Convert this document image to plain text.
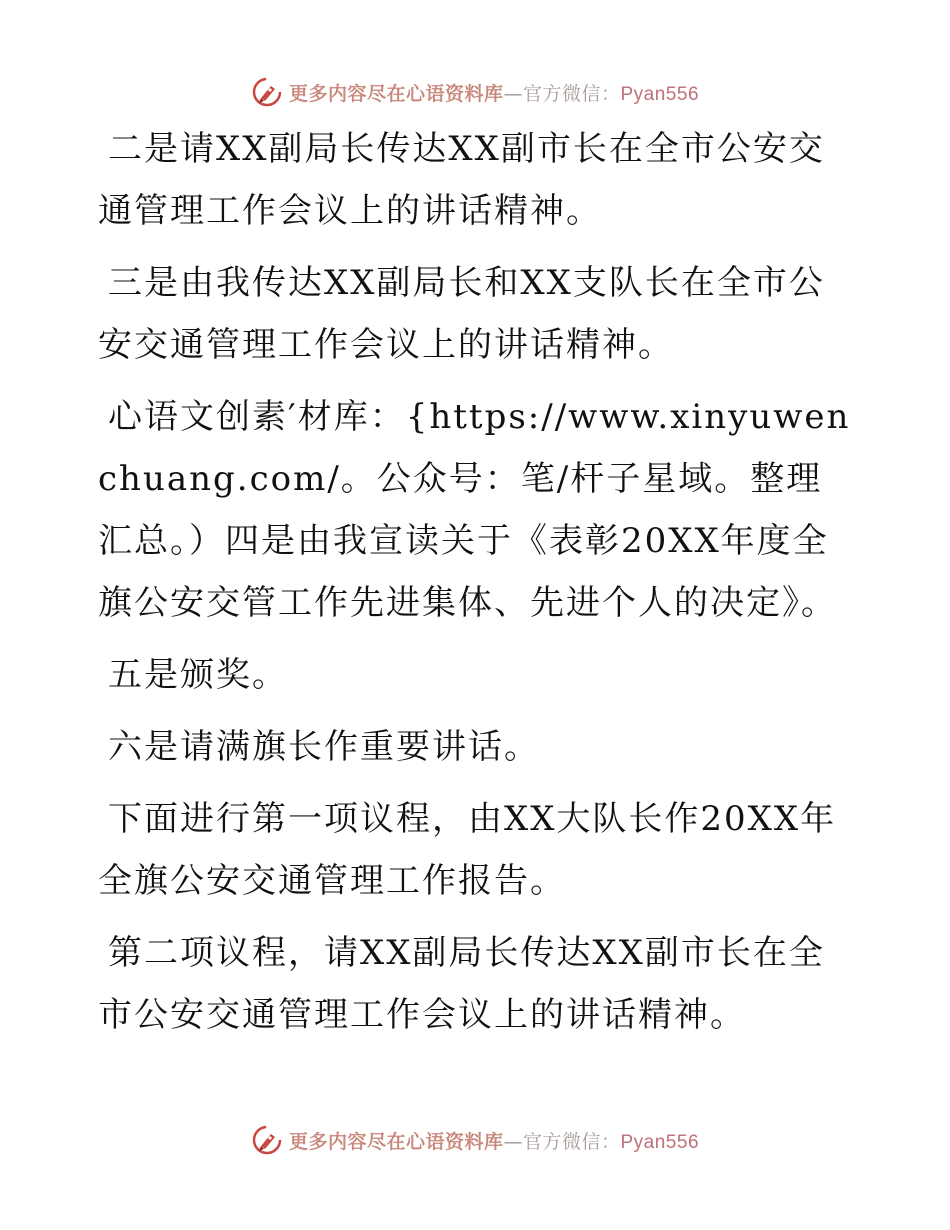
更多内容尽在心语资料库—官方微信：Pyan556

二是请XX副局长传达XX副市长在全市公安交通管理工作会议上的讲话精神。

三是由我传达XX副局长和XX支队长在全市公安交通管理工作会议上的讲话精神。

心语文创素′材库：{https://www.xinyuwenchuang.com/。公众号：笔/杆子星域。整理汇总。）四是由我宣读关于《表彰20XX年度全旗公安交管工作先进集体、先进个人的决定》。

五是颁奖。

六是请满旗长作重要讲话。

下面进行第一项议程，由XX大队长作20XX年全旗公安交通管理工作报告。

第二项议程，请XX副局长传达XX副市长在全市公安交通管理工作会议上的讲话精神。

更多内容尽在心语资料库—官方微信：Pyan556
